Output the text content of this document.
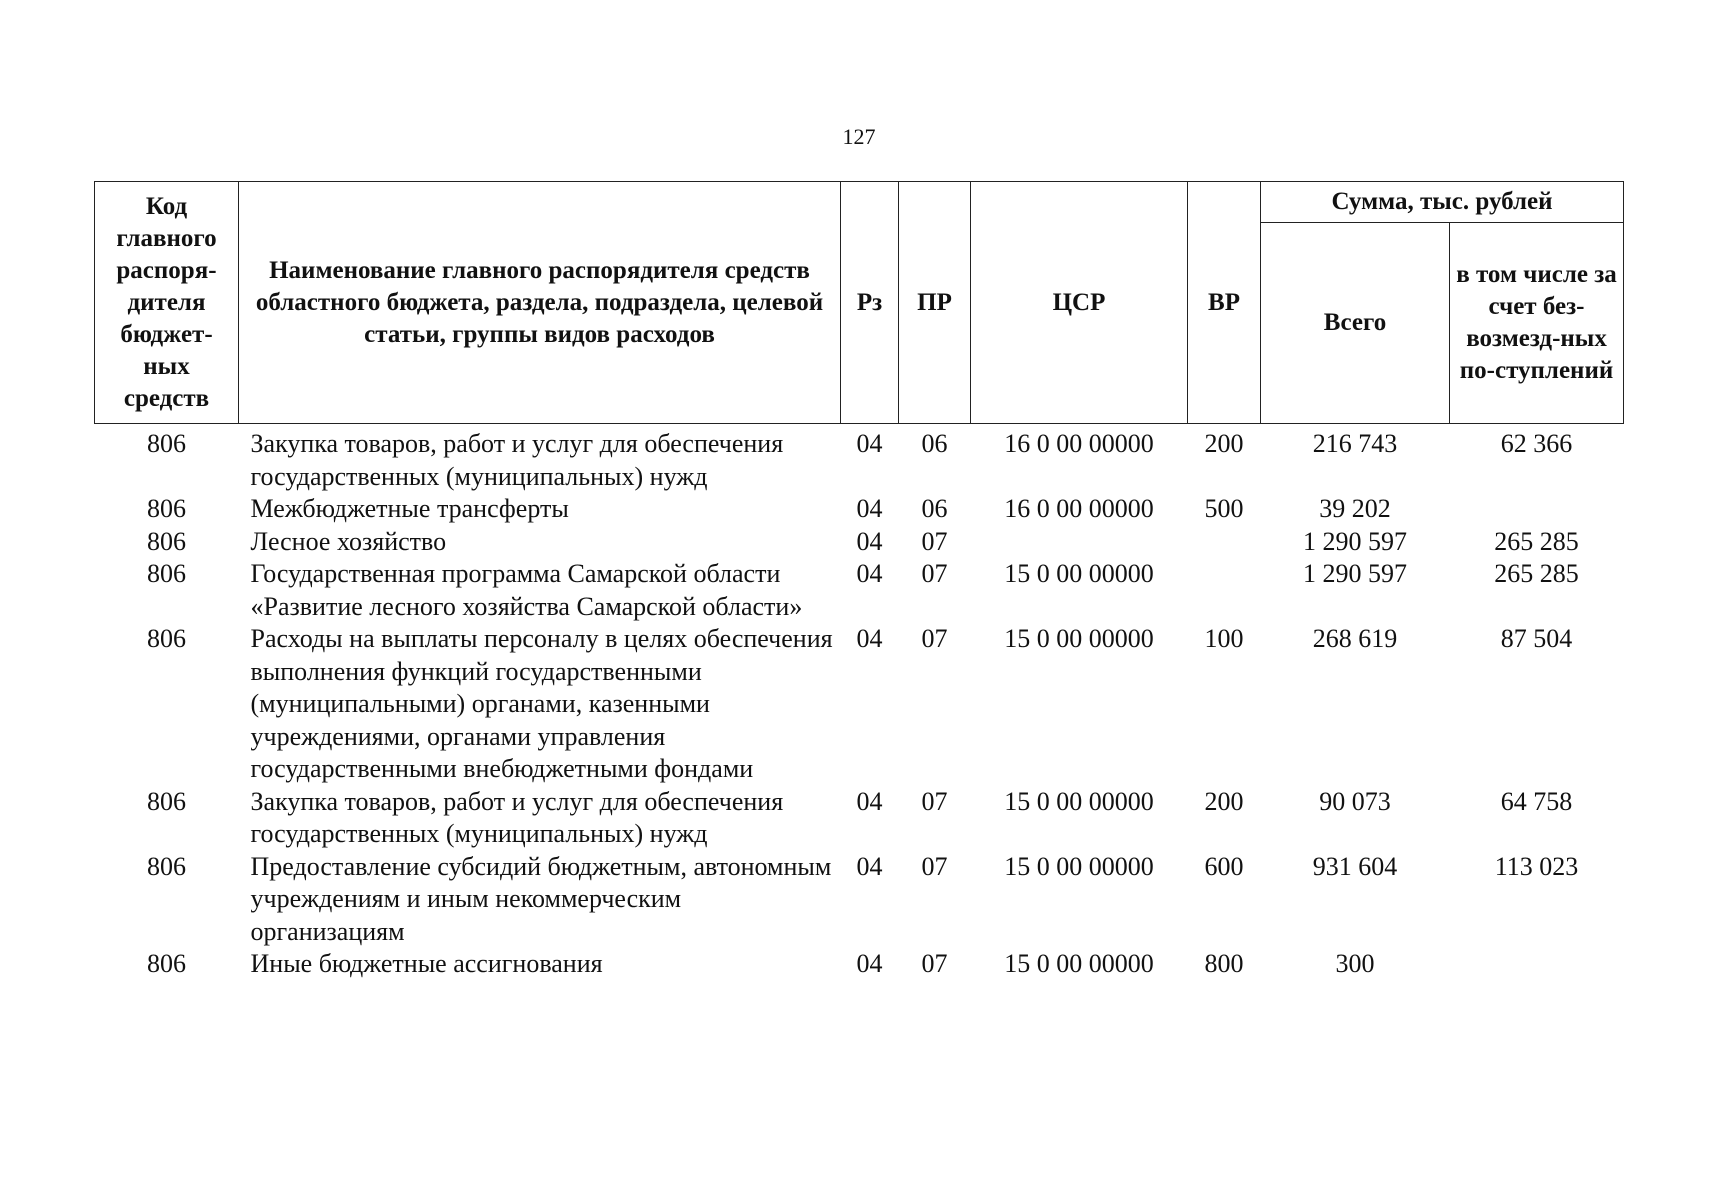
127
Код главного распоря-дителя бюджет-ных средств	Наименование главного распорядителя средств областного бюджета, раздела, подраздела, целевой статьи, группы видов расходов	Рз	ПР	ЦСР	ВР	Сумма, тыс. рублей	
						Всего	в том числе за счет без-возмезд-ных по-ступлений
806	Закупка товаров, работ и услуг для обеспечения государственных (муниципальных) нужд	04	06	16 0 00 00000	200	216 743	62 366
806	Межбюджетные трансферты	04	06	16 0 00 00000	500	39 202	
806	Лесное хозяйство	04	07			1 290 597	265 285
806	Государственная программа Самарской области «Развитие лесного хозяйства Самарской области»	04	07	15 0 00 00000		1 290 597	265 285
806	Расходы на выплаты персоналу в целях обеспечения выполнения функций государственными (муниципальными) органами, казенными учреждениями, органами управления государственными внебюджетными фондами	04	07	15 0 00 00000	100	268 619	87 504
806	Закупка товаров, работ и услуг для обеспечения государственных (муниципальных) нужд	04	07	15 0 00 00000	200	90 073	64 758
806	Предоставление субсидий бюджетным, автономным учреждениям и иным некоммерческим организациям	04	07	15 0 00 00000	600	931 604	113 023
806	Иные бюджетные ассигнования	04	07	15 0 00 00000	800	300	
